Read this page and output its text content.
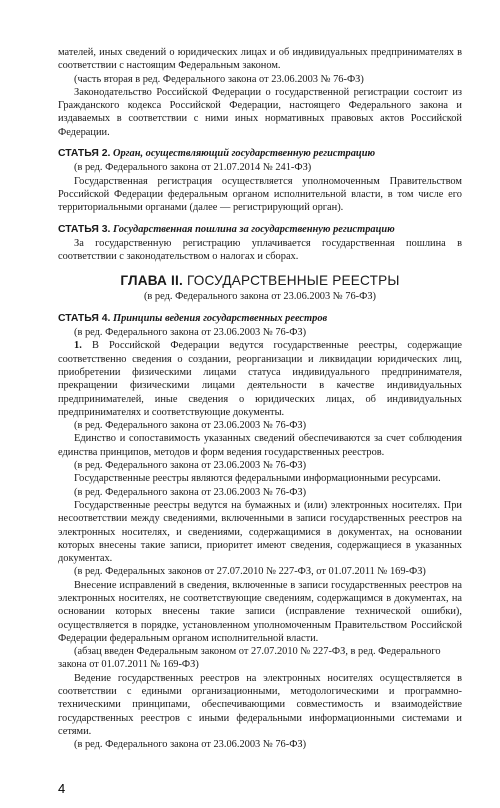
мателей, иных сведений о юридических лицах и об индивидуальных предпринимателях в соответствии с настоящим Федеральным законом.

(часть вторая в ред. Федерального закона от 23.06.2003 № 76-ФЗ)

Законодательство Российской Федерации о государственной регистрации состоит из Гражданского кодекса Российской Федерации, настоящего Федерального закона и издаваемых в соответствии с ними иных нормативных правовых актов Российской Федерации.

СТАТЬЯ 2. Орган, осуществляющий государственную регистрацию

(в ред. Федерального закона от 21.07.2014 № 241-ФЗ)

Государственная регистрация осуществляется уполномоченным Правительством Российской Федерации федеральным органом исполнительной власти, в том числе его территориальными органами (далее — регистрирующий орган).

СТАТЬЯ 3. Государственная пошлина за государственную регистрацию

За государственную регистрацию уплачивается государственная пошлина в соответствии с законодательством о налогах и сборах.

ГЛАВА II. ГОСУДАРСТВЕННЫЕ РЕЕСТРЫ
(в ред. Федерального закона от 23.06.2003 № 76-ФЗ)

СТАТЬЯ 4. Принципы ведения государственных реестров

(в ред. Федерального закона от 23.06.2003 № 76-ФЗ)

1. В Российской Федерации ведутся государственные реестры, содержащие соответственно сведения о создании, реорганизации и ликвидации юридических лиц, приобретении физическими лицами статуса индивидуального предпринимателя, прекращении физическими лицами деятельности в качестве индивидуальных предпринимателей, иные сведения о юридических лицах, об индивидуальных предпринимателях и соответствующие документы.

(в ред. Федерального закона от 23.06.2003 № 76-ФЗ)

Единство и сопоставимость указанных сведений обеспечиваются за счет соблюдения единства принципов, методов и форм ведения государственных реестров.

(в ред. Федерального закона от 23.06.2003 № 76-ФЗ)

Государственные реестры являются федеральными информационными ресурсами.

(в ред. Федерального закона от 23.06.2003 № 76-ФЗ)

Государственные реестры ведутся на бумажных и (или) электронных носителях. При несоответствии между сведениями, включенными в записи государственных реестров на электронных носителях, и сведениями, содержащимися в документах, на основании которых внесены такие записи, приоритет имеют сведения, содержащиеся в указанных документах.

(в ред. Федеральных законов от 27.07.2010 № 227-ФЗ, от 01.07.2011 № 169-ФЗ)

Внесение исправлений в сведения, включенные в записи государственных реестров на электронных носителях, не соответствующие сведениям, содержащимся в документах, на основании которых внесены такие записи (исправление технической ошибки), осуществляется в порядке, установленном уполномоченным Правительством Российской Федерации федеральным органом исполнительной власти.

(абзац введен Федеральным законом от 27.07.2010 № 227-ФЗ, в ред. Федерального закона от 01.07.2011 № 169-ФЗ)

Ведение государственных реестров на электронных носителях осуществляется в соответствии с едиными организационными, методологическими и программно-техническими принципами, обеспечивающими совместимость и взаимодействие государственных реестров с иными федеральными информационными системами и сетями.

(в ред. Федерального закона от 23.06.2003 № 76-ФЗ)

4
